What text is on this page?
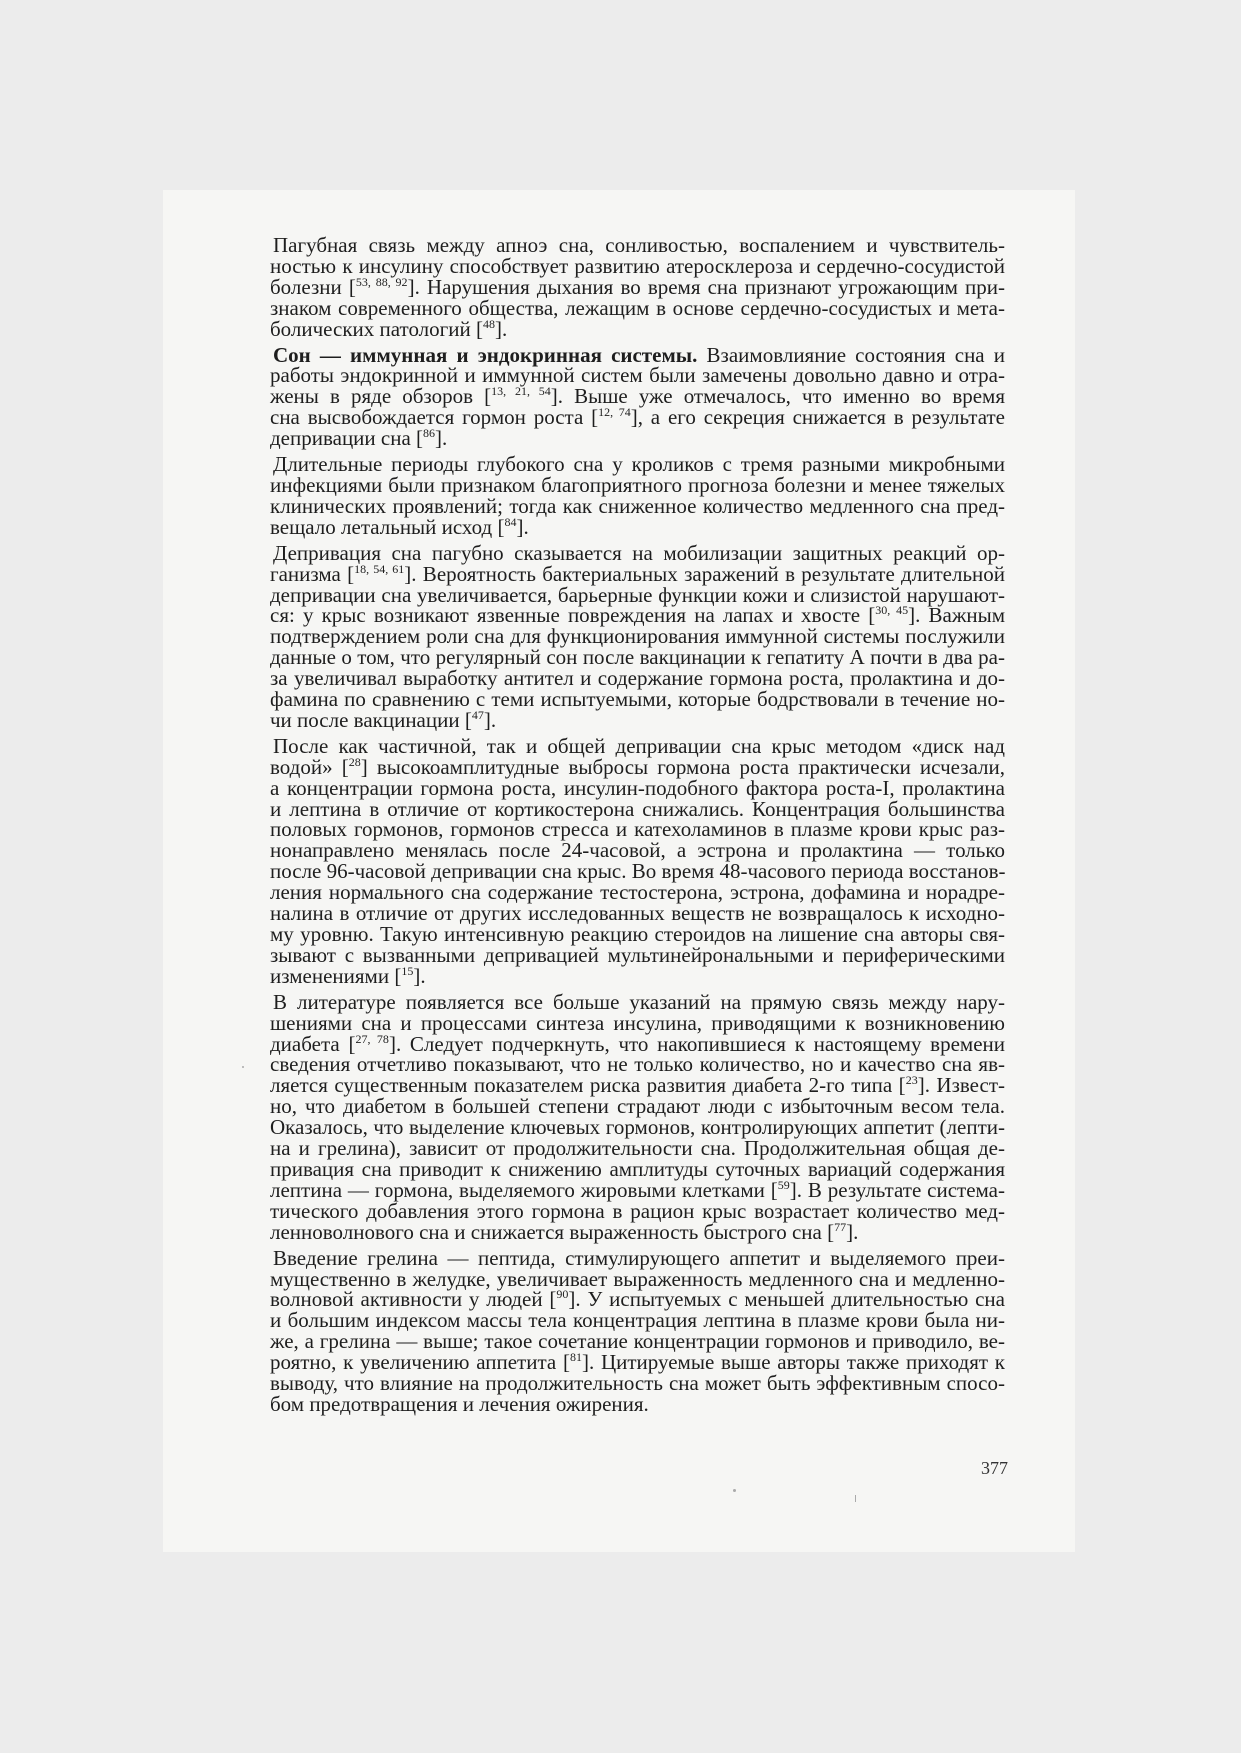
Пагубная связь между апноэ сна, сонливостью, воспалением и чувствитель-
ностью к инсулину способствует развитию атеросклероза и сердечно-сосудистой
болезни [$^{53, 88, 92}$]. Нарушения дыхания во время сна признают угрожающим при-
знаком современного общества, лежащим в основе сердечно-сосудистых и мета-
болических патологий [$^{48}$].
Сон — иммунная и эндокринная системы. Взаимовлияние состояния сна и
работы эндокринной и иммунной систем были замечены довольно давно и отра-
жены в ряде обзоров [$^{13, 21, 54}$]. Выше уже отмечалось, что именно во время
сна высвобождается гормон роста [$^{12, 74}$], а его секреция снижается в результате
депривации сна [$^{86}$].
Длительные периоды глубокого сна у кроликов с тремя разными микробными
инфекциями были признаком благоприятного прогноза болезни и менее тяжелых
клинических проявлений; тогда как сниженное количество медленного сна пред-
вещало летальный исход [$^{84}$].
Депривация сна пагубно сказывается на мобилизации защитных реакций ор-
ганизма [$^{18, 54, 61}$]. Вероятность бактериальных заражений в результате длительной
депривации сна увеличивается, барьерные функции кожи и слизистой нарушают-
ся: у крыс возникают язвенные повреждения на лапах и хвосте [$^{30, 45}$]. Важным
подтверждением роли сна для функционирования иммунной системы послужили
данные о том, что регулярный сон после вакцинации к гепатиту А почти в два ра-
за увеличивал выработку антител и содержание гормона роста, пролактина и до-
фамина по сравнению с теми испытуемыми, которые бодрствовали в течение но-
чи после вакцинации [$^{47}$].
После как частичной, так и общей депривации сна крыс методом «диск над
водой» [$^{28}$] высокоамплитудные выбросы гормона роста практически исчезали,
а концентрации гормона роста, инсулин-подобного фактора роста-I, пролактина
и лептина в отличие от кортикостерона снижались. Концентрация большинства
половых гормонов, гормонов стресса и катехоламинов в плазме крови крыс раз-
нонаправлено менялась после 24-часовой, а эстрона и пролактина — только
после 96-часовой депривации сна крыс. Во время 48-часового периода восстанов-
ления нормального сна содержание тестостерона, эстрона, дофамина и норадре-
налина в отличие от других исследованных веществ не возвращалось к исходно-
му уровню. Такую интенсивную реакцию стероидов на лишение сна авторы свя-
зывают с вызванными депривацией мультинейрональными и периферическими
изменениями [$^{15}$].
В литературе появляется все больше указаний на прямую связь между нару-
шениями сна и процессами синтеза инсулина, приводящими к возникновению
диабета [$^{27, 78}$]. Следует подчеркнуть, что накопившиеся к настоящему времени
сведения отчетливо показывают, что не только количество, но и качество сна яв-
ляется существенным показателем риска развития диабета 2-го типа [$^{23}$]. Извест-
но, что диабетом в большей степени страдают люди с избыточным весом тела.
Оказалось, что выделение ключевых гормонов, контролирующих аппетит (лепти-
на и грелина), зависит от продолжительности сна. Продолжительная общая де-
привация сна приводит к снижению амплитуды суточных вариаций содержания
лептина — гормона, выделяемого жировыми клетками [$^{59}$]. В результате система-
тического добавления этого гормона в рацион крыс возрастает количество мед-
ленноволнового сна и снижается выраженность быстрого сна [$^{77}$].
Введение грелина — пептида, стимулирующего аппетит и выделяемого преи-
мущественно в желудке, увеличивает выраженность медленного сна и медленно-
волновой активности у людей [$^{90}$]. У испытуемых с меньшей длительностью сна
и большим индексом массы тела концентрация лептина в плазме крови была ни-
же, а грелина — выше; такое сочетание концентрации гормонов и приводило, ве-
роятно, к увеличению аппетита [$^{81}$]. Цитируемые выше авторы также приходят к
выводу, что влияние на продолжительность сна может быть эффективным спосо-
бом предотвращения и лечения ожирения.
377
